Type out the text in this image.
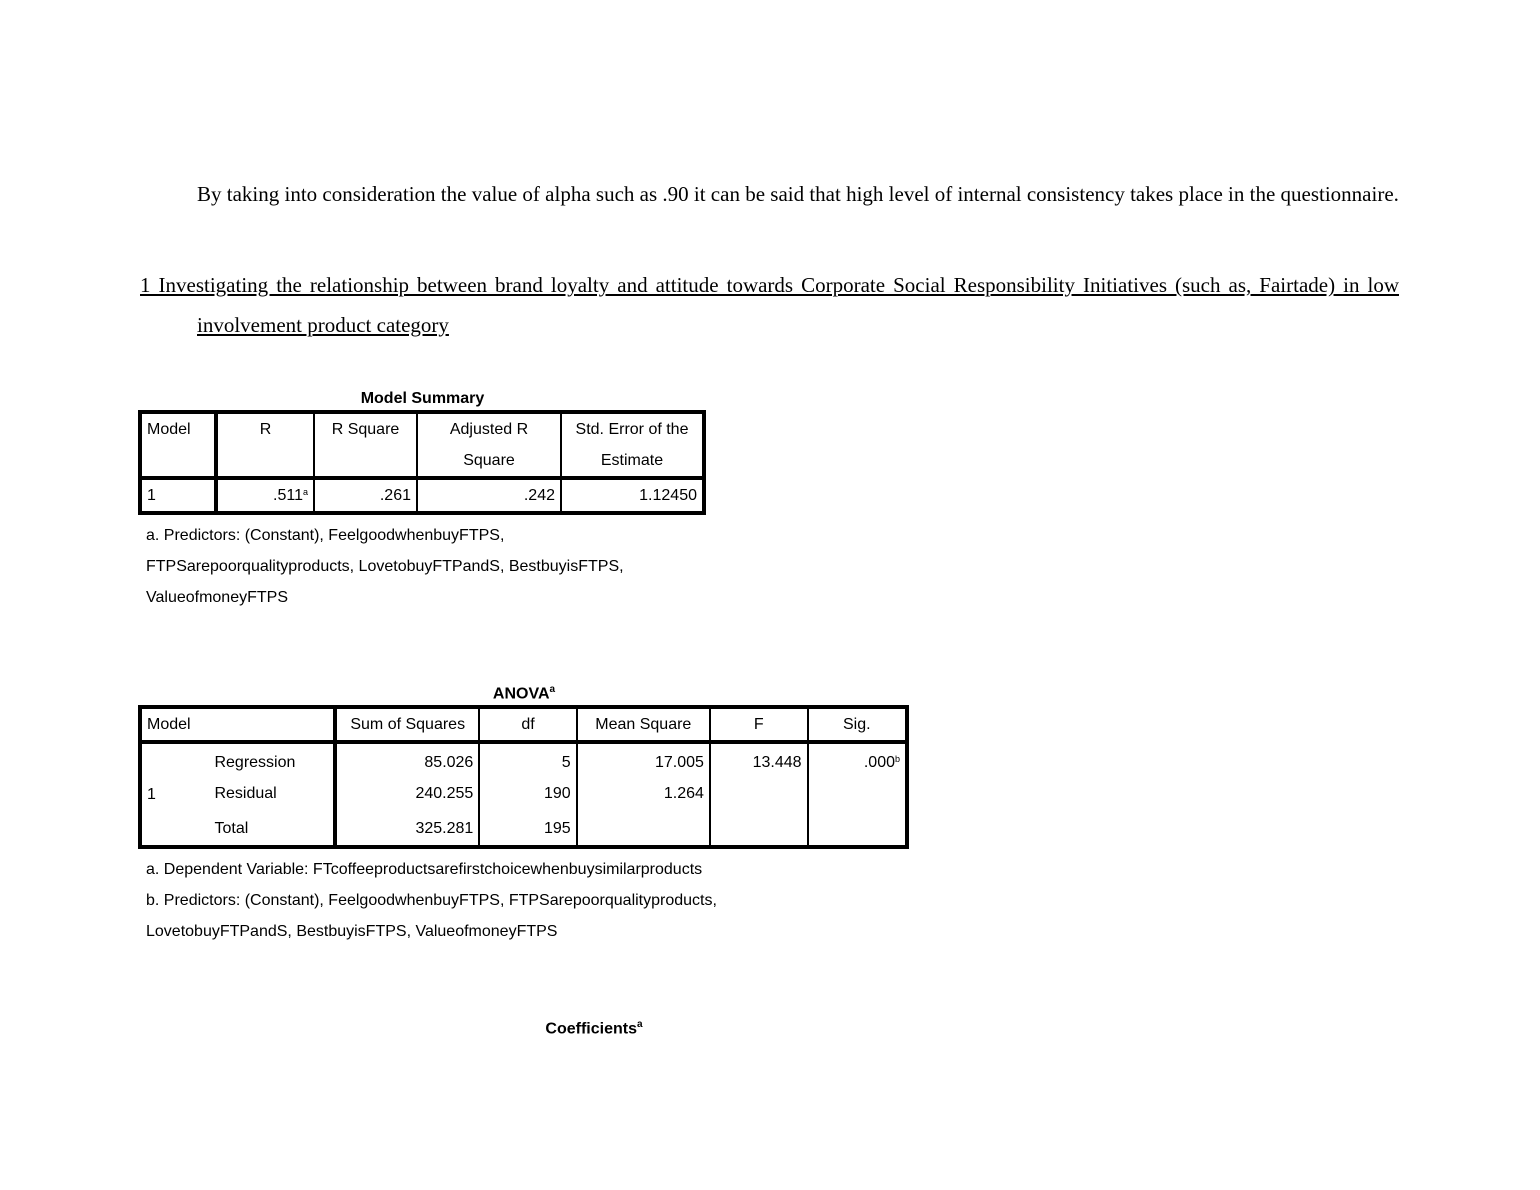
By taking into consideration the value of alpha such as .90 it can be said that high level of internal consistency takes place in the questionnaire.

1 Investigating the relationship between brand loyalty and attitude towards Corporate Social Responsibility Initiatives (such as, Fairtade) in low involvement product category

Model Summary
Model	R	R Square	Adjusted R Square	Std. Error of the Estimate
1	.511$^a$	.261	.242	1.12450

a. Predictors: (Constant), FeelgoodwhenbuyFTPS, FTPSarepoorqualityproducts, LovetobuyFTPandS, BestbuyisFTPS, ValueofmoneyFTPS

ANOVA$^a$
Model		Sum of Squares	df	Mean Square	F	Sig.
1	Regression	85.026	5	17.005	13.448	.000$^b$
	Residual	240.255	190	1.264		
	Total	325.281	195			

a. Dependent Variable: FTcoffeeproductsarefirstchoicewhenbuysimilarproducts

b. Predictors: (Constant), FeelgoodwhenbuyFTPS, FTPSarepoorqualityproducts, LovetobuyFTPandS, BestbuyisFTPS, ValueofmoneyFTPS

Coefficients$^a$
